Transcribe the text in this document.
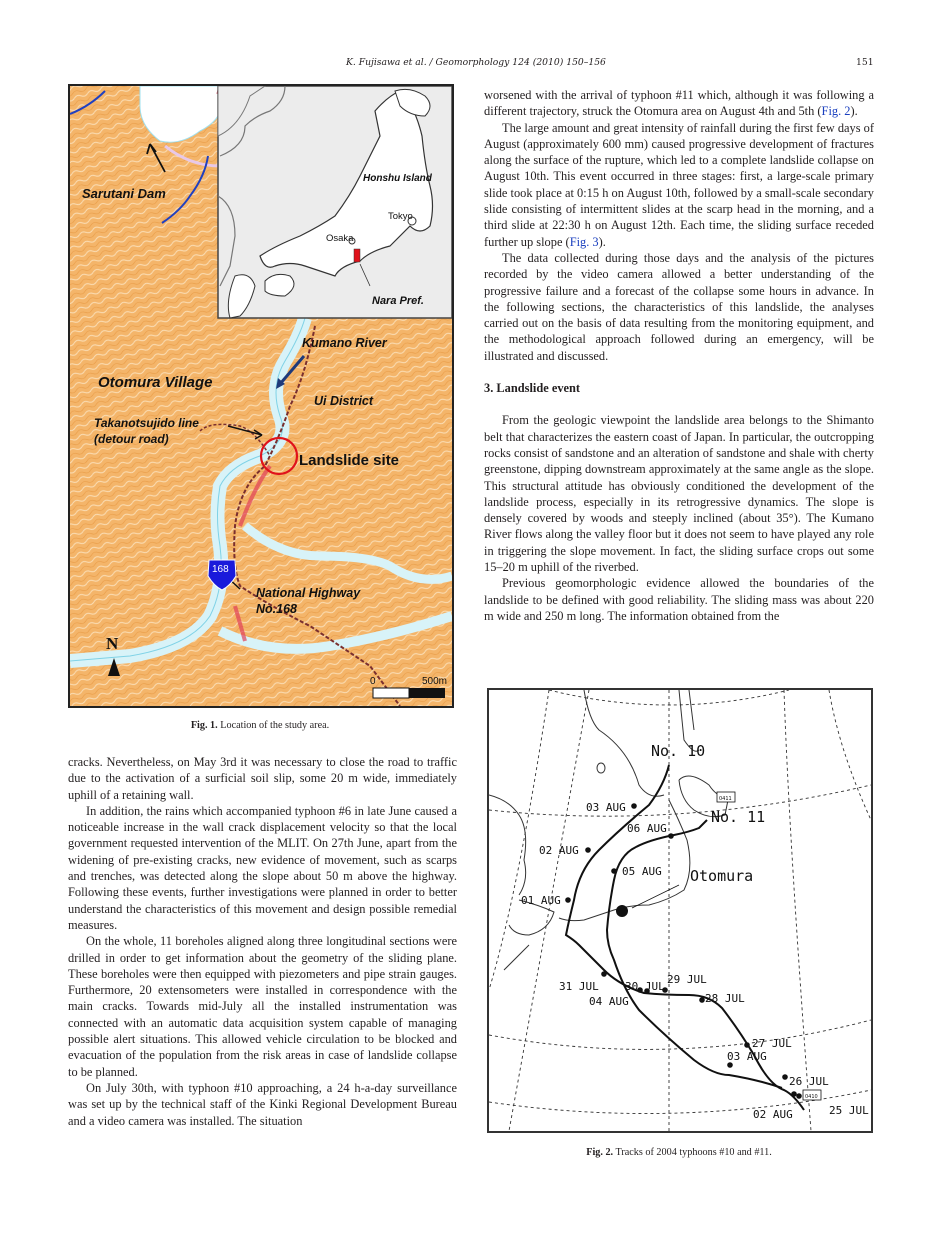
K. Fujisawa et al. / Geomorphology 124 (2010) 150–156	151
Sarutani Dam
Kumano River
Otomura Village
Ui District
Takanotsujido line
(detour road)
Landslide site
168
National Highway
No.168
N
0	500m
Honshu Island
Tokyo
Osaka
Nara Pref.
Fig. 1. Location of the study area.

cracks. Nevertheless, on May 3rd it was necessary to close the road to traffic due to the activation of a surficial soil slip, some 20 m wide, immediately uphill of a retaining wall.

In addition, the rains which accompanied typhoon #6 in late June caused a noticeable increase in the wall crack displacement velocity so that the local government requested intervention of the MLIT. On 27th June, apart from the widening of pre-existing cracks, new evidence of movement, such as scarps and trenches, was detected along the slope about 50 m above the highway. Following these events, further investigations were planned in order to better understand the characteristics of this movement and design possible remedial measures.

On the whole, 11 boreholes aligned along three longitudinal sections were drilled in order to get information about the geometry of the sliding plane. These boreholes were then equipped with piezometers and pipe strain gauges. Furthermore, 20 extensometers were installed in correspondence with the main cracks. Towards mid-July all the installed instrumentation was connected with an automatic data acquisition system capable of managing possible alert situations. This allowed vehicle circulation to be blocked and evacuation of the population from the risk areas in case of landslide collapse to be planned.

On July 30th, with typhoon #10 approaching, a 24 h-a-day surveillance was set up by the technical staff of the Kinki Regional Development Bureau and a video camera was installed. The situation

worsened with the arrival of typhoon #11 which, although it was following a different trajectory, struck the Otomura area on August 4th and 5th (Fig. 2).

The large amount and great intensity of rainfall during the first few days of August (approximately 600 mm) caused progressive development of fractures along the surface of the rupture, which led to a complete landslide collapse on August 10th. This event occurred in three stages: first, a large-scale primary slide took place at 0:15 h on August 10th, followed by a small-scale secondary slide consisting of intermittent slides at the scarp head in the morning, and a third slide at 22:30 h on August 12th. Each time, the sliding surface receded further up slope (Fig. 3).

The data collected during those days and the analysis of the pictures recorded by the video camera allowed a better understanding of the progressive failure and a forecast of the collapse some hours in advance. In the following sections, the characteristics of this landslide, the analyses carried out on the basis of data resulting from the monitoring equipment, and the methodological approach followed during an emergency, will be illustrated and discussed.

3. Landslide event

From the geologic viewpoint the landslide area belongs to the Shimanto belt that characterizes the eastern coast of Japan. In particular, the outcropping rocks consist of sandstone and an alteration of sandstone and shale with cherty greenstone, dipping downstream approximately at the same angle as the slope. This structural attitude has obviously conditioned the development of the landslide process, especially in its retrogressive dynamics. The slope is densely covered by woods and steeply inclined (about 35°). The Kumano River flows along the valley floor but it does not seem to have played any role in triggering the slope movement. In fact, the sliding surface crops out some 15–20 m uphill of the riverbed.

Previous geomorphologic evidence allowed the boundaries of the landslide to be defined with good reliability. The sliding mass was about 220 m wide and 250 m long. The information obtained from the

No. 10
No. 11
Otomura
0411
0410
25 JUL
26 JUL
27 JUL
28 JUL
29 JUL
30 JUL
31 JUL
01 AUG
02 AUG
03 AUG
02 AUG
03 AUG
04 AUG
05 AUG
06 AUG
Fig. 2. Tracks of 2004 typhoons #10 and #11.
